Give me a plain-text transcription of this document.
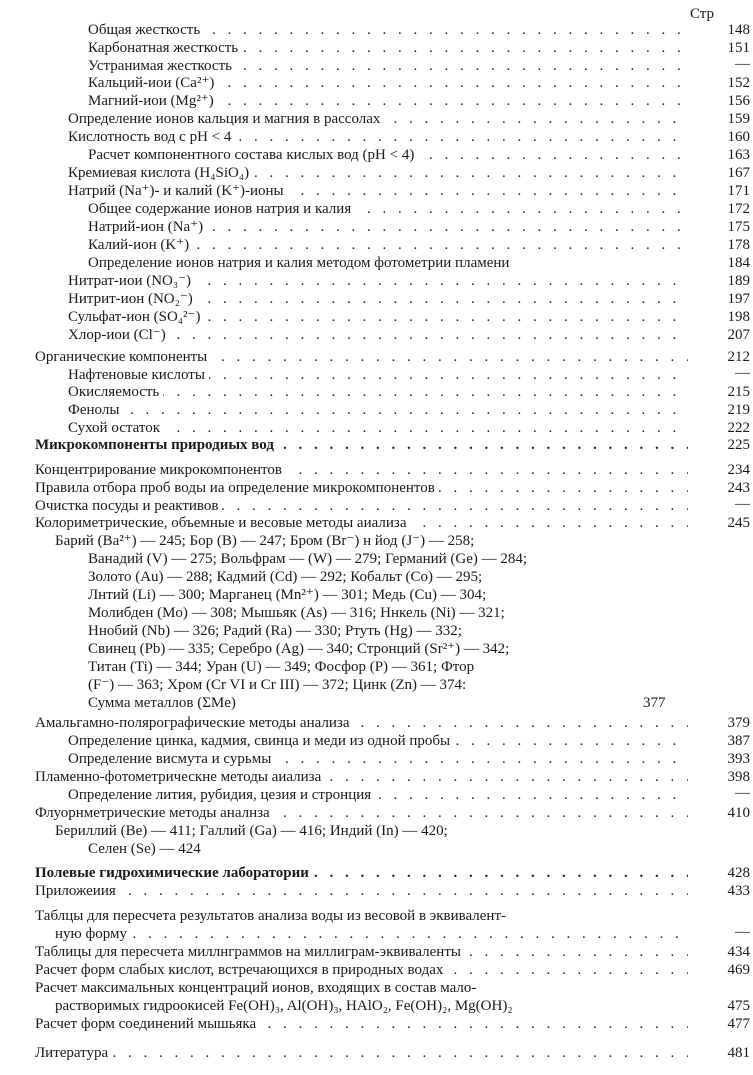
Стр
Общая жесткость . . .	148
Карбонатная жесткость . . .	151
Устранимая жесткость . . .	—
Кальций-иои (Ca²⁺) . . .	152
Магний-иои (Mg²⁺) . . .	156
Определение ионов кальция и магния в рассолах . . .	159
Кислотность вод с pH < 4 . . .	160
Расчет компонентного состава кислых вод (pH < 4) . . .	163
Кремиевая кислота (H₄SiO₄) . . .	167
Натрий (Na⁺)- и калий (K⁺)-ионы . . .	171
Общее содержание ионов натрия и калия . . .	172
Натрий-ион (Na⁺) . . .	175
Калий-ион (K⁺) . . .	178
Определение ионов натрия и калия методом фотометрии пламени	184
Нитрат-иои (NO₃⁻) . . .	189
Нитрит-ион (NO₂⁻) . . .	197
Сульфат-ион (SO₄²⁻) . . .	198
Хлор-иои (Cl⁻) . . .	207
Органические компоненты . . .	212
Нафтеновые кислоты . . .	—
Окисляемость . . .	215
Фенолы . . .	219
Сухой остаток . . .	222
Микрокомпоненты природиых вод . . .	225
Концентрирование микрокомпонентов . . .	234
Правила отбора проб воды иа определение микрокомпонентов . . .	243
Очистка посуды и реактивов . . .	—
Колориметрические, объемные и весовые методы аиализа . . .	245
Барий (Ba²⁺) — 245; Бор (B) — 247; Бром (Br⁻) н йод (J⁻) — 258;
Ванадий (V) — 275; Вольфрам — (W) — 279; Германий (Ge) — 284;
Золото (Au) — 288; Кадмий (Cd) — 292; Кобальт (Co) — 295;
Лнтий (Li) — 300; Марганец (Mn²⁺) — 301; Медь (Cu) — 304;
Молибден (Mo) — 308; Мышьяк (As) — 316; Ннкель (Ni) — 321;
Ннобий (Nb) — 326; Радий (Ra) — 330; Ртуть (Hg) — 332;
Свинец (Pb) — 335; Серебро (Ag) — 340; Стронций (Sr²⁺) — 342;
Титан (Ti) — 344; Уран (U) — 349; Фосфор (P) — 361; Фтор
(F⁻) — 363; Хром (Cr VI и Cr III) — 372; Цинк (Zn) — 374:
Сумма металлов (ΣMe)	377
Амальгамно-полярографические методы анализа . . .	379
Определение цинка, кадмия, свинца и меди из одной пробы . . .	387
Определение висмута и сурьмы . . .	393
Пламенно-фотометрическне методы аиализа . . .	398
Определение лития, рубидия, цезия и стронция . . .	—
Флуорнметрические методы аналнза . . .	410
Бериллий (Be) — 411; Галлий (Ga) — 416; Индий (In) — 420;
Селен (Se) — 424
Полевые гидрохимические лаборатории . . .	428
Приложеиия . . .	433
Таблцы для пересчета результатов анализа воды из весовой в эквивалент-
ную форму . . .	—
Таблицы для пересчета миллнграммов на миллиграм-эквиваленты . . .	434
Расчет форм слабых кислот, встречающихся в природных водах . . .	469
Расчет максимальных концентраций ионов, входящих в состав мало-
растворимых гидроокисей Fe(OH)₃, Al(OH)₃, HAlO₂, Fe(OH)₂, Mg(OH)₂	475
Расчет форм соединений мышьяка . . .	477
Литература . . .	481
